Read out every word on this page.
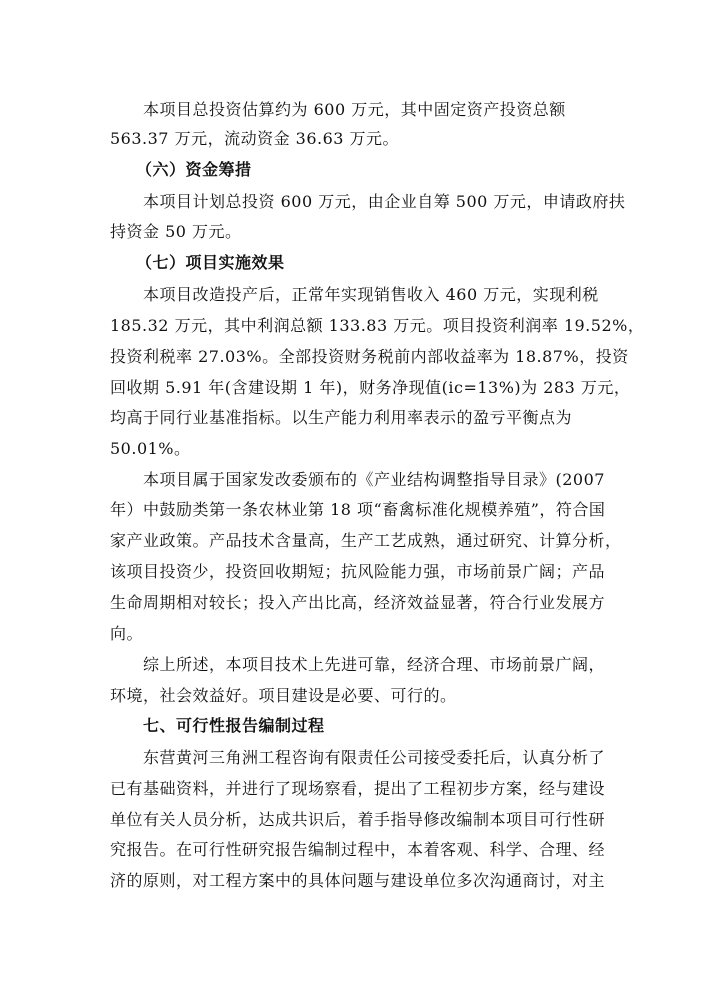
本项目总投资估算约为 600 万元，其中固定资产投资总额
563.37 万元，流动资金 36.63 万元。
（六）资金筹措
本项目计划总投资 600 万元，由企业自筹 500 万元，申请政府扶
持资金 50 万元。
（七）项目实施效果
本项目改造投产后，正常年实现销售收入 460 万元，实现利税
185.32 万元，其中利润总额 133.83 万元。项目投资利润率 19.52%，
投资利税率 27.03%。全部投资财务税前内部收益率为 18.87%，投资
回收期 5.91 年(含建设期 1 年)，财务净现值(ic=13%)为 283 万元，
均高于同行业基准指标。以生产能力利用率表示的盈亏平衡点为
50.01%。
本项目属于国家发改委颁布的《产业结构调整指导目录》(2007
年）中鼓励类第一条农林业第 18 项“畜禽标准化规模养殖”，符合国
家产业政策。产品技术含量高，生产工艺成熟，通过研究、计算分析，
该项目投资少，投资回收期短；抗风险能力强，市场前景广阔；产品
生命周期相对较长；投入产出比高，经济效益显著，符合行业发展方
向。
综上所述，本项目技术上先进可靠，经济合理、市场前景广阔，
环境，社会效益好。项目建设是必要、可行的。
七、可行性报告编制过程
东营黄河三角洲工程咨询有限责任公司接受委托后，认真分析了
已有基础资料，并进行了现场察看，提出了工程初步方案，经与建设
单位有关人员分析，达成共识后，着手指导修改编制本项目可行性研
究报告。在可行性研究报告编制过程中，本着客观、科学、合理、经
济的原则，对工程方案中的具体问题与建设单位多次沟通商讨，对主
